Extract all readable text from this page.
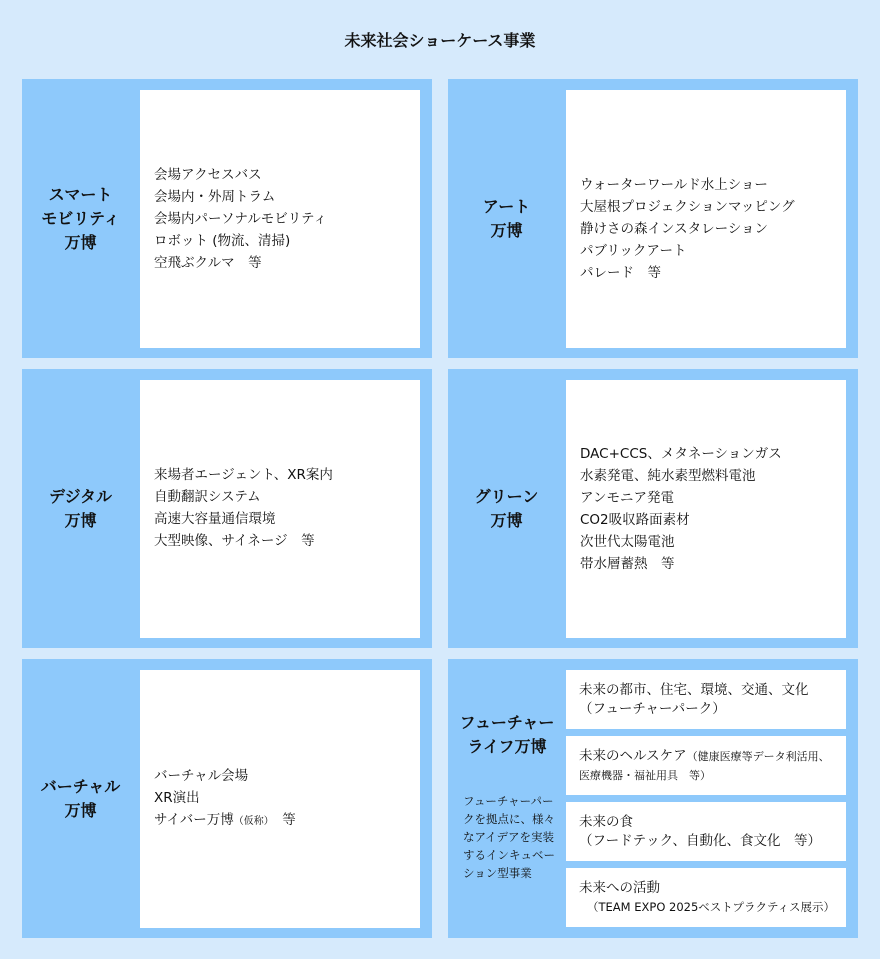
未来社会ショーケース事業
スマート
モビリティ
万博
会場アクセスバス
会場内・外周トラム
会場内パーソナルモビリティ
ロボット (物流、清掃)
空飛ぶクルマ　等
アート
万博
ウォーターワールド水上ショー
大屋根プロジェクションマッピング
静けさの森インスタレーション
パブリックアート
パレード　等
デジタル
万博
来場者エージェント、XR案内
自動翻訳システム
高速大容量通信環境
大型映像、サイネージ　等
グリーン
万博
DAC+CCS、メタネーションガス
水素発電、純水素型燃料電池
アンモニア発電
CO2吸収路面素材
次世代太陽電池
帯水層蓄熱　等
バーチャル
万博
バーチャル会場
XR演出
サイバー万博（仮称）　等
フューチャー
ライフ万博
フューチャーパークを拠点に、様々なアイデアを実装するインキュベーション型事業
未来の都市、住宅、環境、交通、文化
（フューチャーパーク）
未来のヘルスケア（健康医療等データ利活用、
医療機器・福祉用具　等）
未来の食
（フードテック、自動化、食文化　等）
未来への活動
（TEAM EXPO 2025ベストプラクティス展示）
